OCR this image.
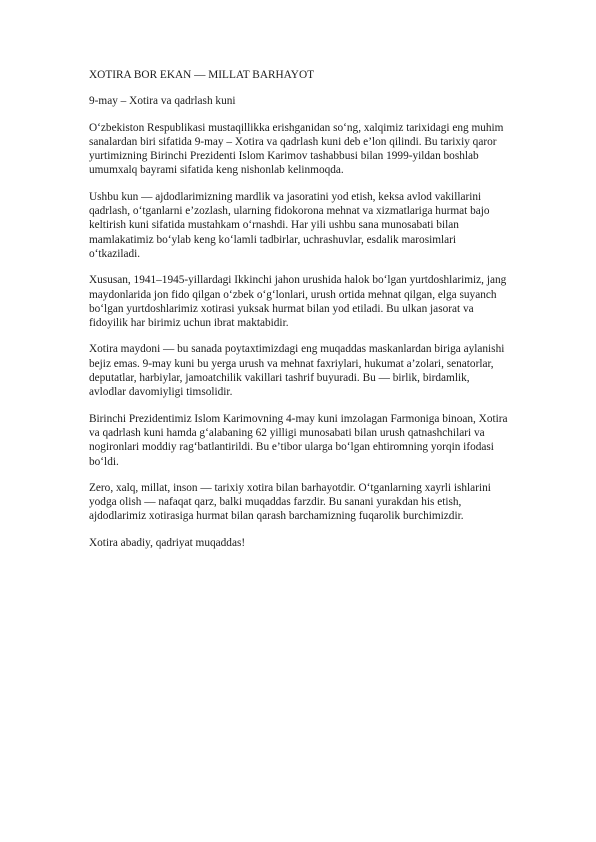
XOTIRA BOR EKAN — MILLAT BARHAYOT
9-may – Xotira va qadrlash kuni
O‘zbekiston Respublikasi mustaqillikka erishganidan so‘ng, xalqimiz tarixidagi eng muhim sanalardan biri sifatida 9-may – Xotira va qadrlash kuni deb e’lon qilindi. Bu tarixiy qaror yurtimizning Birinchi Prezidenti Islom Karimov tashabbusi bilan 1999-yildan boshlab umumxalq bayrami sifatida keng nishonlab kelinmoqda.
Ushbu kun — ajdodlarimizning mardlik va jasoratini yod etish, keksa avlod vakillarini qadrlash, o‘tganlarni e’zozlash, ularning fidokorona mehnat va xizmatlariga hurmat bajo keltirish kuni sifatida mustahkam o‘rnashdi. Har yili ushbu sana munosabati bilan mamlakatimiz bo‘ylab keng ko‘lamli tadbirlar, uchrashuvlar, esdalik marosimlari o‘tkaziladi.
Xususan, 1941–1945-yillardagi Ikkinchi jahon urushida halok bo‘lgan yurtdoshlarimiz, jang maydonlarida jon fido qilgan o‘zbek o‘g‘lonlari, urush ortida mehnat qilgan, elga suyanch bo‘lgan yurtdoshlarimiz xotirasi yuksak hurmat bilan yod etiladi. Bu ulkan jasorat va fidoyilik har birimiz uchun ibrat maktabidir.
Xotira maydoni — bu sanada poytaxtimizdagi eng muqaddas maskanlardan biriga aylanishi bejiz emas. 9-may kuni bu yerga urush va mehnat faxriylari, hukumat a’zolari, senatorlar, deputatlar, harbiylar, jamoatchilik vakillari tashrif buyuradi. Bu — birlik, birdamlik, avlodlar davomiyligi timsolidir.
Birinchi Prezidentimiz Islom Karimovning 4-may kuni imzolagan Farmoniga binoan, Xotira va qadrlash kuni hamda g‘alabaning 62 yilligi munosabati bilan urush qatnashchilari va nogironlari moddiy rag‘batlantirildi. Bu e’tibor ularga bo‘lgan ehtiromning yorqin ifodasi bo‘ldi.
Zero, xalq, millat, inson — tarixiy xotira bilan barhayotdir. O‘tganlarning xayrli ishlarini yodga olish — nafaqat qarz, balki muqaddas farzdir. Bu sanani yurakdan his etish, ajdodlarimiz xotirasiga hurmat bilan qarash barchamizning fuqarolik burchimizdir.
Xotira abadiy, qadriyat muqaddas!
